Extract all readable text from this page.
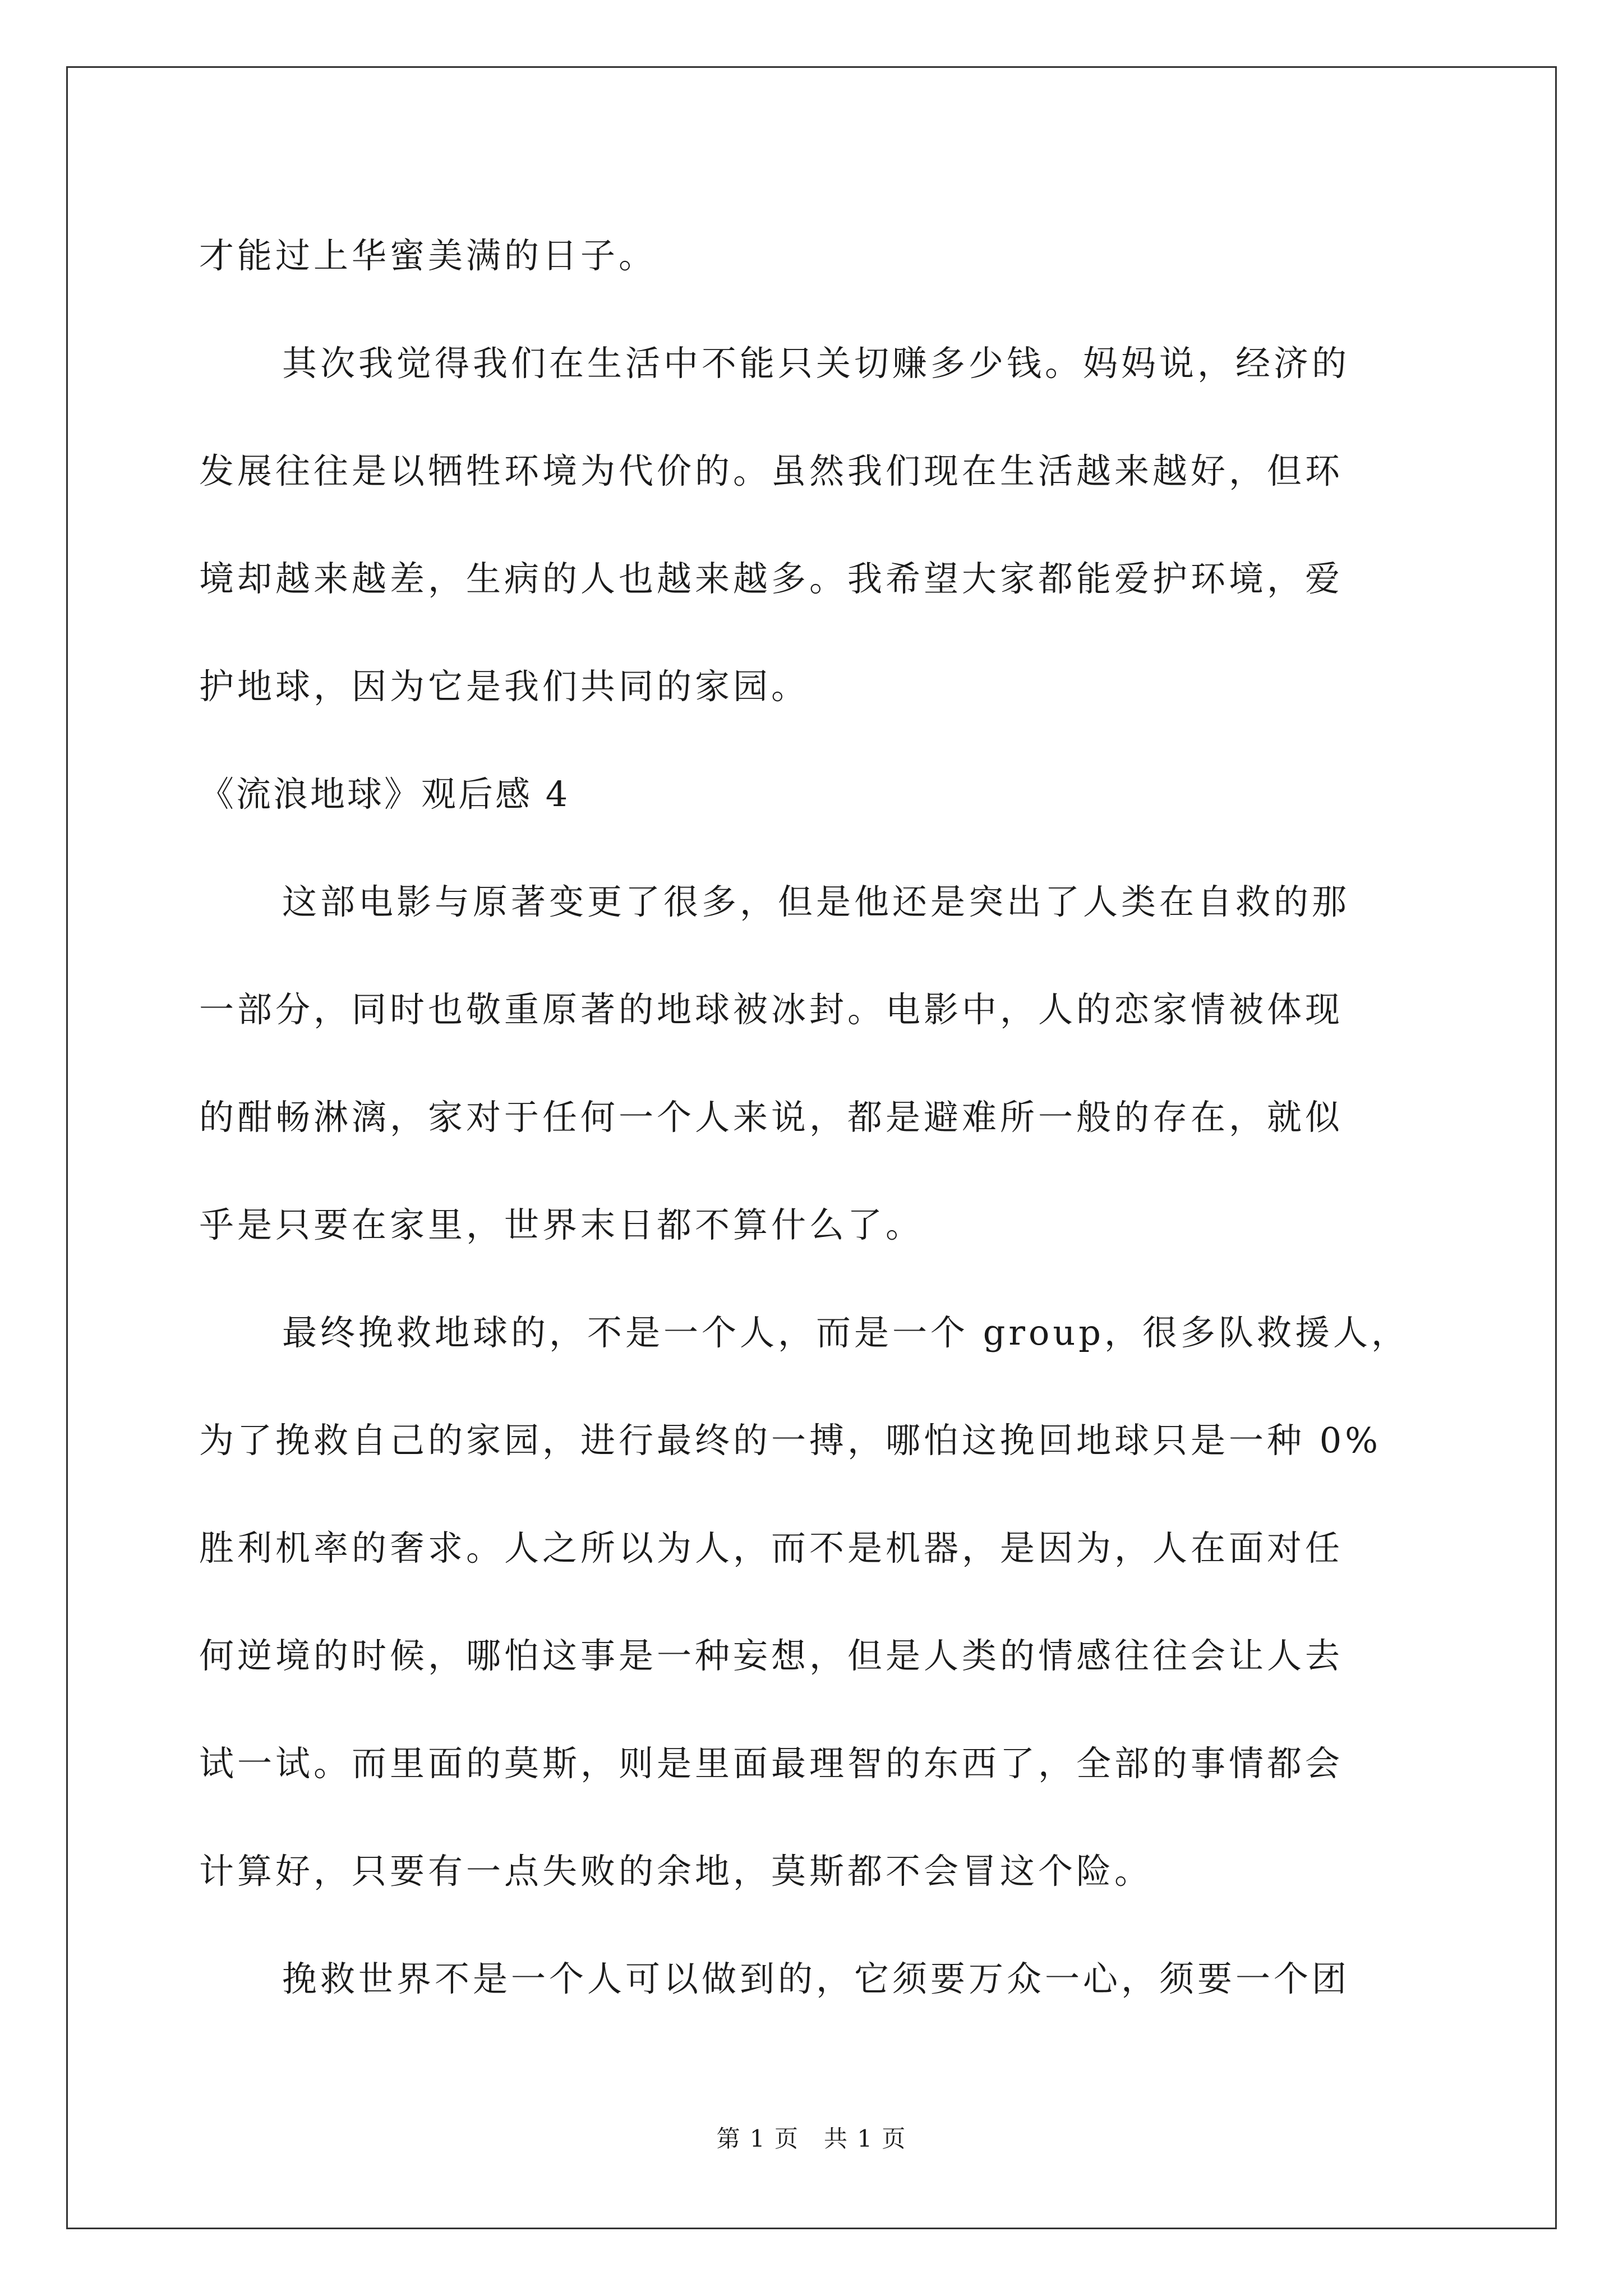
才能过上华蜜美满的日子。
其次我觉得我们在生活中不能只关切赚多少钱。妈妈说，经济的
发展往往是以牺牲环境为代价的。虽然我们现在生活越来越好，但环
境却越来越差，生病的人也越来越多。我希望大家都能爱护环境，爱
护地球，因为它是我们共同的家园。
《流浪地球》观后感 4
这部电影与原著变更了很多，但是他还是突出了人类在自救的那
一部分，同时也敬重原著的地球被冰封。电影中，人的恋家情被体现
的酣畅淋漓，家对于任何一个人来说，都是避难所一般的存在，就似
乎是只要在家里，世界末日都不算什么了。
最终挽救地球的，不是一个人，而是一个 group，很多队救援人，
为了挽救自己的家园，进行最终的一搏，哪怕这挽回地球只是一种 0%
胜利机率的奢求。人之所以为人，而不是机器，是因为，人在面对任
何逆境的时候，哪怕这事是一种妄想，但是人类的情感往往会让人去
试一试。而里面的莫斯，则是里面最理智的东西了，全部的事情都会
计算好，只要有一点失败的余地，莫斯都不会冒这个险。
挽救世界不是一个人可以做到的，它须要万众一心，须要一个团
第 1 页　共 1 页
